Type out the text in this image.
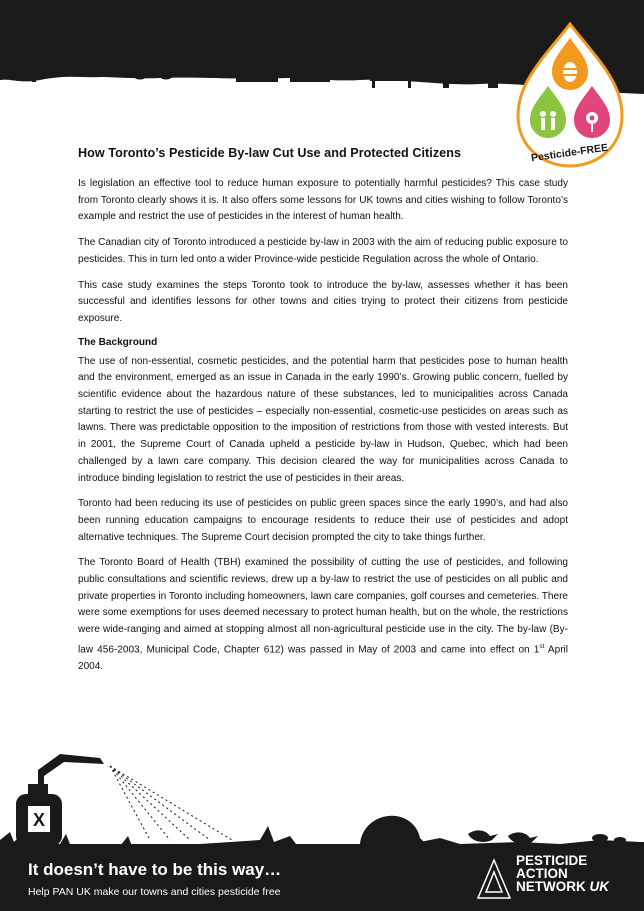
Pesticide-FREE
How Toronto’s Pesticide By-law Cut Use and Protected Citizens

Is legislation an effective tool to reduce human exposure to potentially harmful pesticides? This case study from Toronto clearly shows it is. It also offers some lessons for UK towns and cities wishing to follow Toronto’s example and restrict the use of pesticides in the interest of human health.

The Canadian city of Toronto introduced a pesticide by-law in 2003 with the aim of reducing public exposure to pesticides. This in turn led onto a wider Province-wide pesticide Regulation across the whole of Ontario.

This case study examines the steps Toronto took to introduce the by-law, assesses whether it has been successful and identifies lessons for other towns and cities trying to protect their citizens from pesticide exposure.

The Background

The use of non-essential, cosmetic pesticides, and the potential harm that pesticides pose to human health and the environment, emerged as an issue in Canada in the early 1990’s. Growing public concern, fuelled by scientific evidence about the hazardous nature of these substances, led to municipalities across Canada starting to restrict the use of pesticides – especially non-essential, cosmetic-use pesticides on areas such as lawns. There was predictable opposition to the imposition of restrictions from those with vested interests. But in 2001, the Supreme Court of Canada upheld a pesticide by-law in Hudson, Quebec, which had been challenged by a lawn care company. This decision cleared the way for municipalities across Canada to introduce binding legislation to restrict the use of pesticides in their areas.

Toronto had been reducing its use of pesticides on public green spaces since the early 1990’s, and had also been running education campaigns to encourage residents to reduce their use of pesticides and adopt alternative techniques. The Supreme Court decision prompted the city to take things further.

The Toronto Board of Health (TBH) examined the possibility of cutting the use of pesticides, and following public consultations and scientific reviews, drew up a by-law to restrict the use of pesticides on all public and private properties in Toronto including homeowners, lawn care companies, golf courses and cemeteries. There were some exemptions for uses deemed necessary to protect human health, but on the whole, the restrictions were wide-ranging and aimed at stopping almost all non-agricultural pesticide use in the city. The by-law (By-law 456-2003, Municipal Code, Chapter 612) was passed in May of 2003 and came into effect on 1st April 2004.

X
It doesn’t have to be this way…
Help PAN UK make our towns and cities pesticide free
PESTICIDE
ACTION
NETWORK UK
